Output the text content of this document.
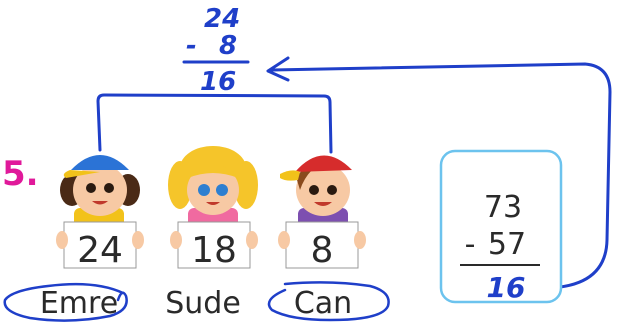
5.
24
- 8
16
24
Emre
18
Sude
8
Can
73
- 57
16
